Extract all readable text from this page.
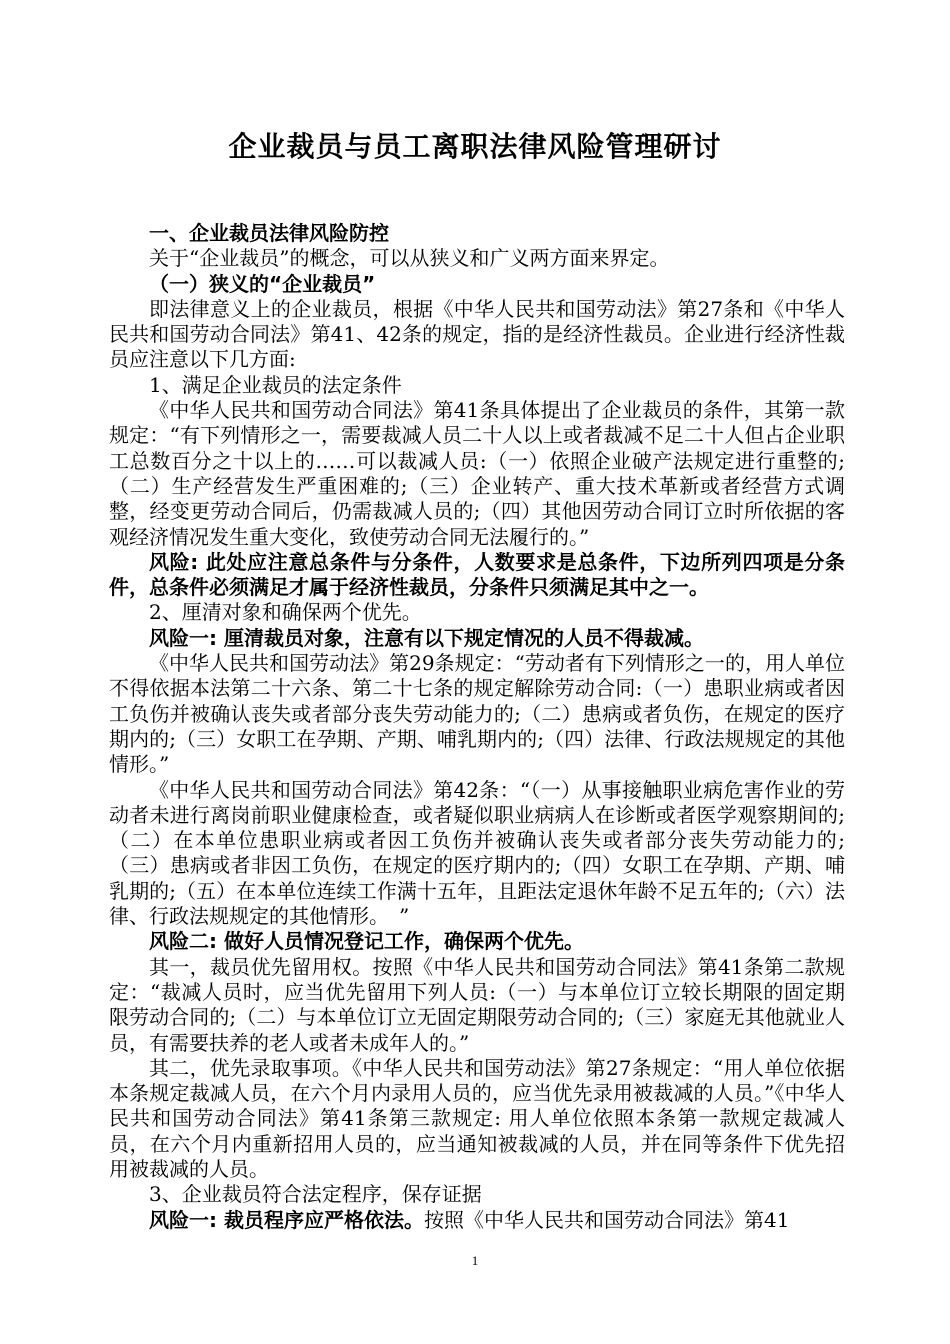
企业裁员与员工离职法律风险管理研讨

一、企业裁员法律风险防控

关于“企业裁员”的概念，可以从狭义和广义两方面来界定。

（一）狭义的“企业裁员”

即法律意义上的企业裁员，根据《中华人民共和国劳动法》第27条和《中华人民共和国劳动合同法》第41、42条的规定，指的是经济性裁员。企业进行经济性裁员应注意以下几方面:

1、满足企业裁员的法定条件

《中华人民共和国劳动合同法》第41条具体提出了企业裁员的条件，其第一款规定：“有下列情形之一，需要裁减人员二十人以上或者裁减不足二十人但占企业职工总数百分之十以上的……可以裁减人员:（一）依照企业破产法规定进行重整的;（二）生产经营发生严重困难的;（三）企业转产、重大技术革新或者经营方式调整，经变更劳动合同后，仍需裁减人员的;（四）其他因劳动合同订立时所依据的客观经济情况发生重大变化，致使劳动合同无法履行的。”

风险: 此处应注意总条件与分条件，人数要求是总条件，下边所列四项是分条件，总条件必须满足才属于经济性裁员，分条件只须满足其中之一。

2、厘清对象和确保两个优先。

风险一: 厘清裁员对象，注意有以下规定情况的人员不得裁减。

《中华人民共和国劳动法》第29条规定：“劳动者有下列情形之一的，用人单位不得依据本法第二十六条、第二十七条的规定解除劳动合同:（一）患职业病或者因工负伤并被确认丧失或者部分丧失劳动能力的;（二）患病或者负伤，在规定的医疗期内的;（三）女职工在孕期、产期、哺乳期内的;（四）法律、行政法规规定的其他情形。”

《中华人民共和国劳动合同法》第42条：“（一）从事接触职业病危害作业的劳动者未进行离岗前职业健康检查，或者疑似职业病病人在诊断或者医学观察期间的;（二）在本单位患职业病或者因工负伤并被确认丧失或者部分丧失劳动能力的;（三）患病或者非因工负伤，在规定的医疗期内的;（四）女职工在孕期、产期、哺乳期的;（五）在本单位连续工作满十五年，且距法定退休年龄不足五年的;（六）法律、行政法规规定的其他情形。　”

风险二: 做好人员情况登记工作，确保两个优先。

其一，裁员优先留用权。按照《中华人民共和国劳动合同法》第41条第二款规定：“裁减人员时，应当优先留用下列人员:（一）与本单位订立较长期限的固定期限劳动合同的;（二）与本单位订立无固定期限劳动合同的;（三）家庭无其他就业人员，有需要扶养的老人或者未成年人的。”

其二，优先录取事项。《中华人民共和国劳动法》第27条规定：“用人单位依据本条规定裁减人员，在六个月内录用人员的，应当优先录用被裁减的人员。”《中华人民共和国劳动合同法》第41条第三款规定: 用人单位依照本条第一款规定裁减人员，在六个月内重新招用人员的，应当通知被裁减的人员，并在同等条件下优先招用被裁减的人员。

3、企业裁员符合法定程序，保存证据

风险一: 裁员程序应严格依法。按照《中华人民共和国劳动合同法》第41

1
